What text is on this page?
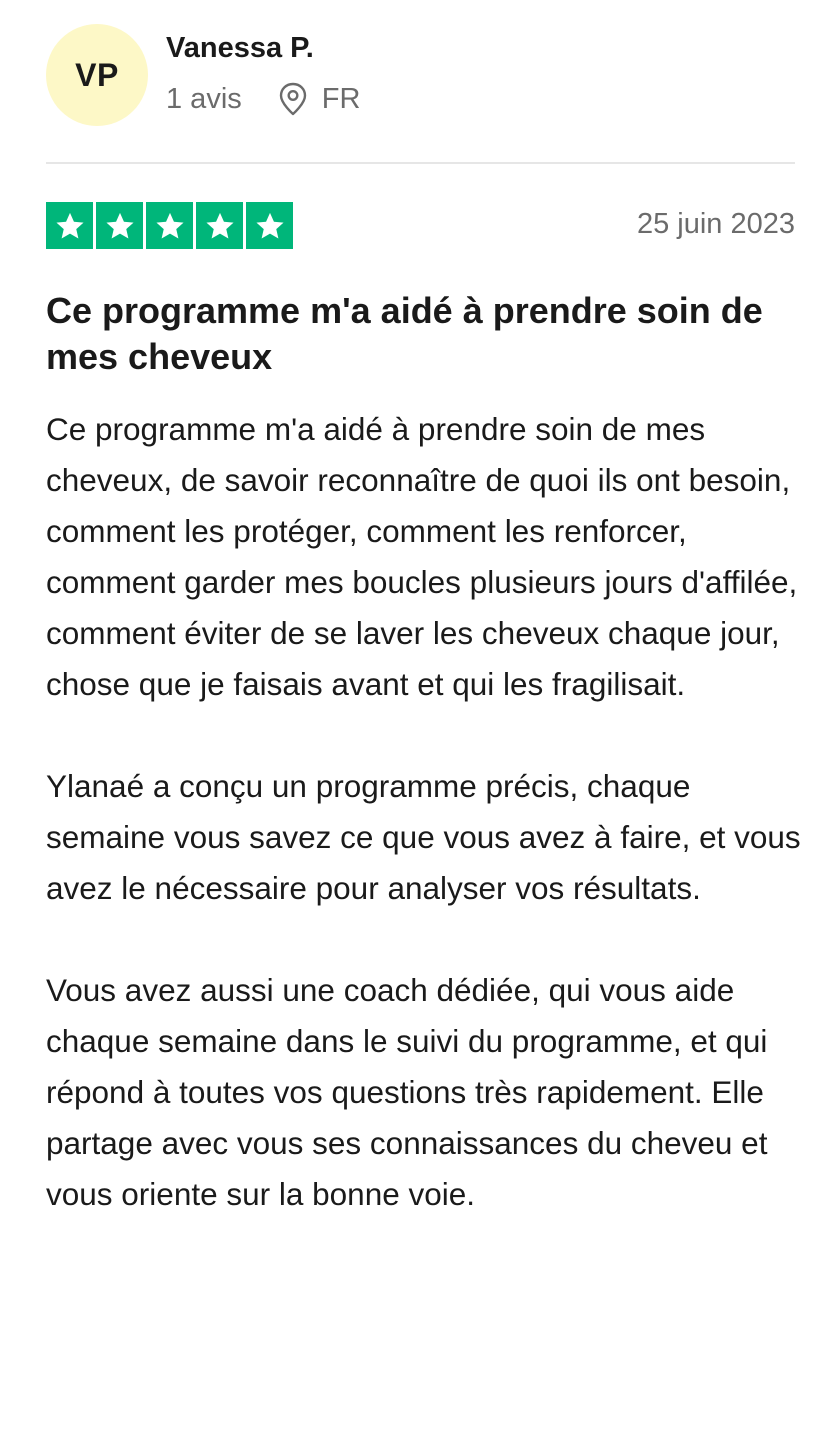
VP
Vanessa P.
1 avis	FR
25 juin 2023
Ce programme m'a aidé à prendre soin de mes cheveux

Ce programme m'a aidé à prendre soin de mes cheveux, de savoir reconnaître de quoi ils ont besoin, comment les protéger, comment les renforcer, comment garder mes boucles plusieurs jours d'affilée, comment éviter de se laver les cheveux chaque jour, chose que je faisais avant et qui les fragilisait.

Ylanaé a conçu un programme précis, chaque semaine vous savez ce que vous avez à faire, et vous avez le nécessaire pour analyser vos résultats.

Vous avez aussi une coach dédiée, qui vous aide chaque semaine dans le suivi du programme, et qui répond à toutes vos questions très rapidement. Elle partage avec vous ses connaissances du cheveu et vous oriente sur la bonne voie.
